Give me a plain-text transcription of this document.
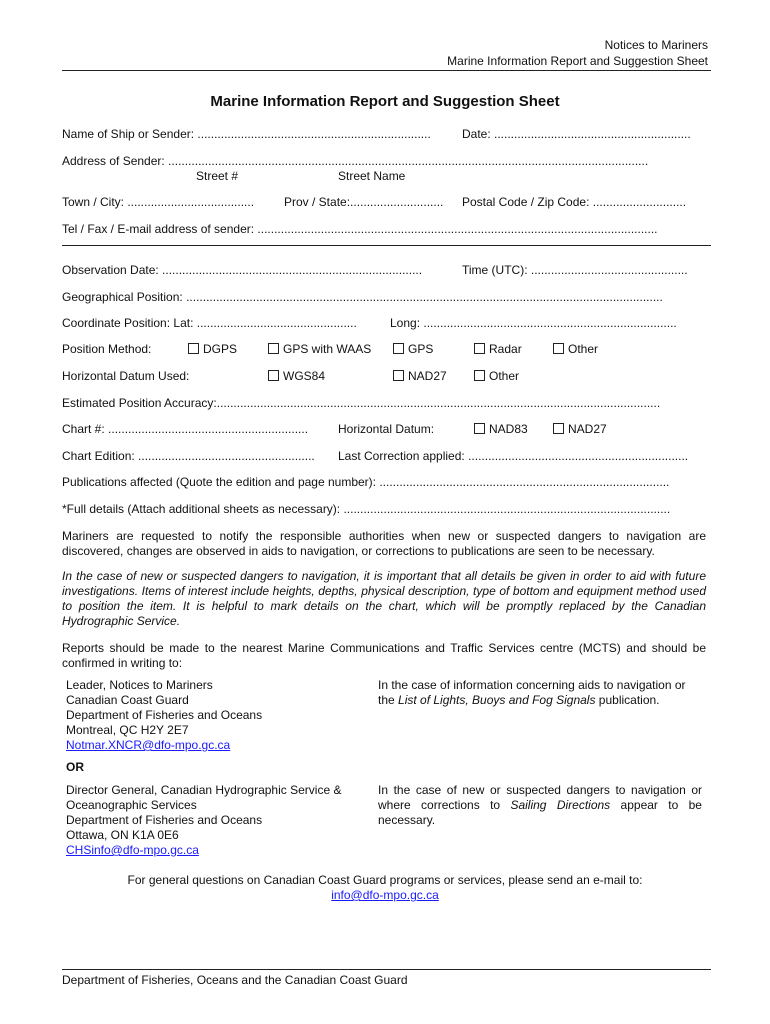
Notices to Mariners
Marine Information Report and Suggestion Sheet
Marine Information Report and Suggestion Sheet
Name of Ship or Sender: ......................................................................	Date: ...........................................................
Address of Sender: ................................................................................................................................................
Street #	Street Name
Town / City: ...................................... Prov / State:............................ Postal Code / Zip Code: ............................
Tel / Fax / E-mail address of sender: ........................................................................................................................
Observation Date: ..............................................................................	Time (UTC): ...............................................
Geographical Position: ...............................................................................................................................................
Coordinate Position: Lat: ................................................	Long: ............................................................................
Position Method:	DGPS	GPS with WAAS	GPS	Radar	Other
Horizontal Datum Used:	WGS84	NAD27	Other
Estimated Position Accuracy:.....................................................................................................................................
Chart #: ............................................................ Horizontal Datum:	NAD83	NAD27
Chart Edition: ..................................................... Last Correction applied: ..................................................................
Publications affected (Quote the edition and page number): .......................................................................................
*Full details (Attach additional sheets as necessary): ..................................................................................................
Mariners are requested to notify the responsible authorities when new or suspected dangers to navigation are discovered, changes are observed in aids to navigation, or corrections to publications are seen to be necessary.
In the case of new or suspected dangers to navigation, it is important that all details be given in order to aid with future investigations. Items of interest include heights, depths, physical description, type of bottom and equipment method used to position the item. It is helpful to mark details on the chart, which will be promptly replaced by the Canadian Hydrographic Service.
Reports should be made to the nearest Marine Communications and Traffic Services centre (MCTS) and should be confirmed in writing to:
Leader, Notices to Mariners
Canadian Coast Guard
Department of Fisheries and Oceans
Montreal, QC H2Y 2E7
Notmar.XNCR@dfo-mpo.gc.ca
In the case of information concerning aids to navigation or the List of Lights, Buoys and Fog Signals publication.
OR
Director General, Canadian Hydrographic Service &
Oceanographic Services
Department of Fisheries and Oceans
Ottawa, ON K1A 0E6
CHSinfo@dfo-mpo.gc.ca
In the case of new or suspected dangers to navigation or where corrections to Sailing Directions appear to be necessary.
For general questions on Canadian Coast Guard programs or services, please send an e-mail to:
info@dfo-mpo.gc.ca
Department of Fisheries, Oceans and the Canadian Coast Guard
